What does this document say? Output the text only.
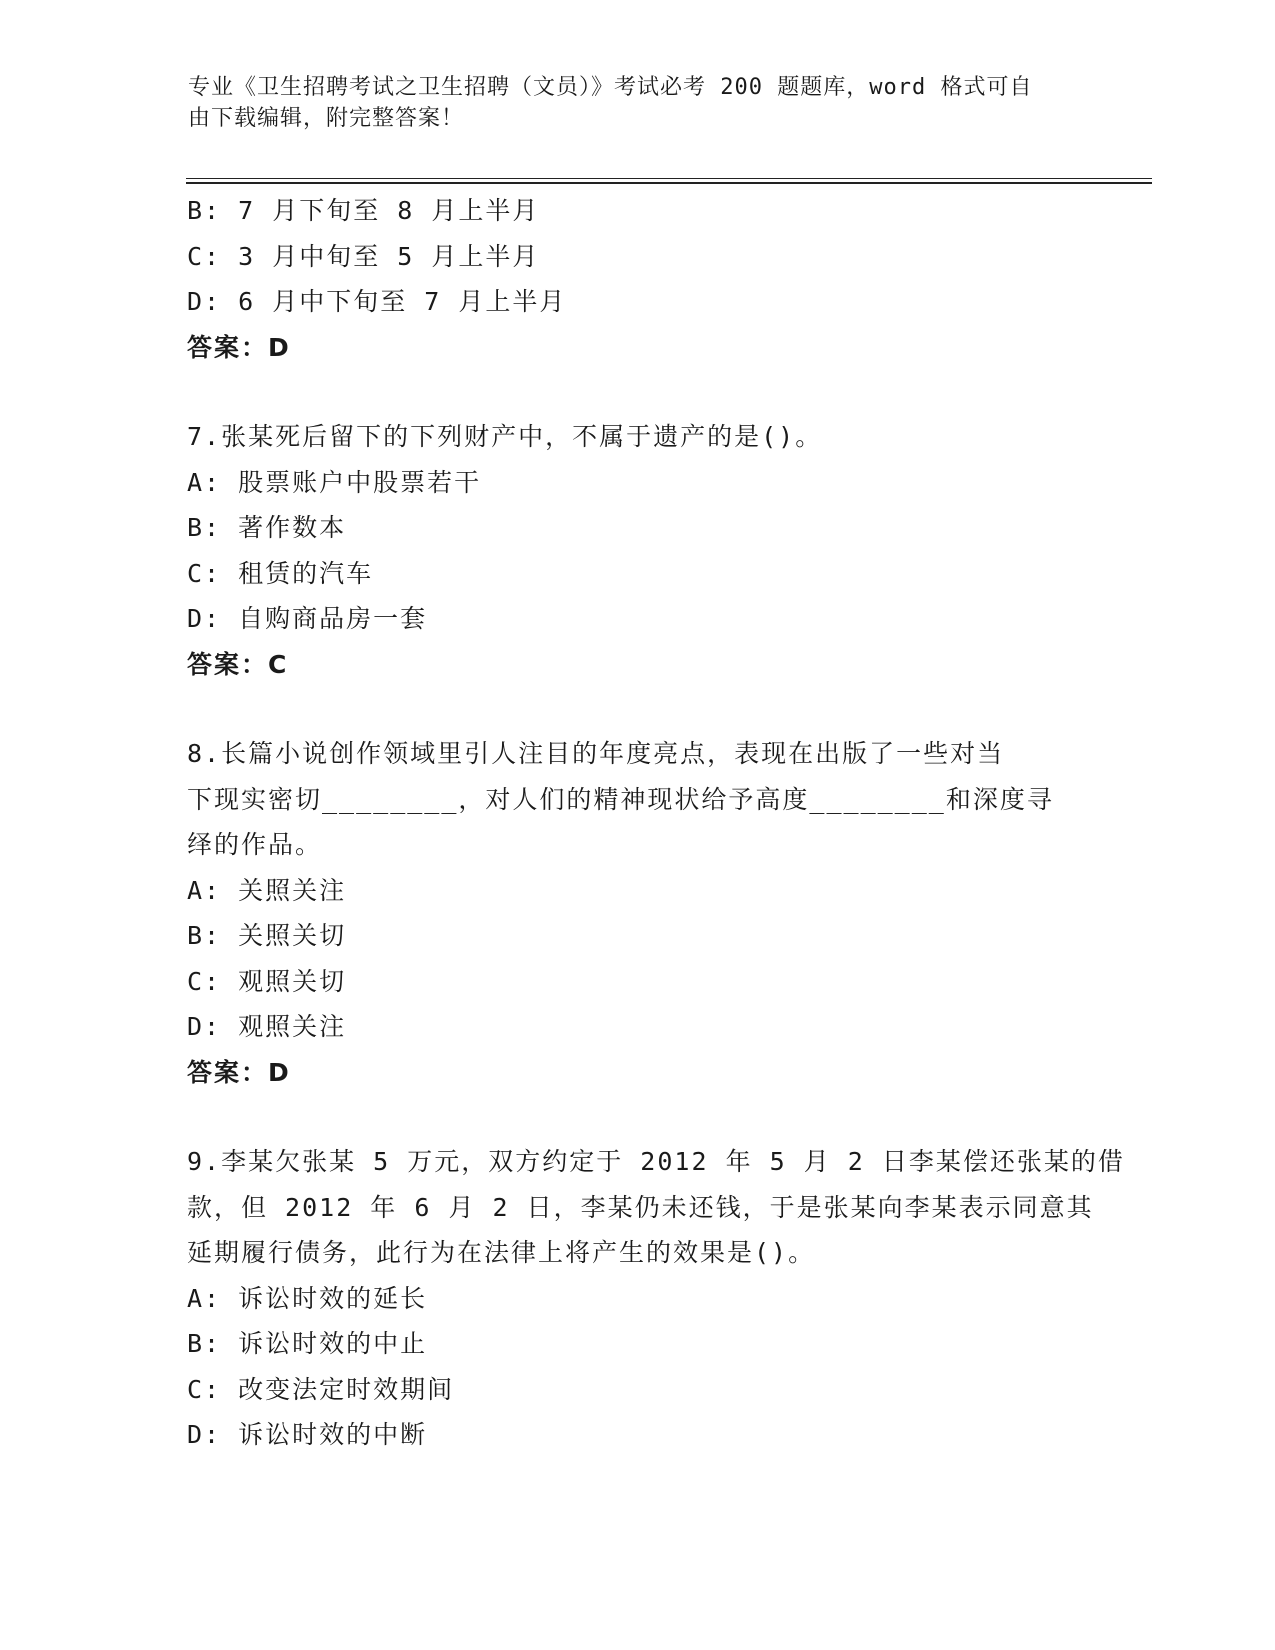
专业《卫生招聘考试之卫生招聘（文员）》考试必考 200 题题库，word 格式可自
由下载编辑，附完整答案！
B: 7 月下旬至 8 月上半月
C: 3 月中旬至 5 月上半月
D: 6 月中下旬至 7 月上半月
答案：D
7.张某死后留下的下列财产中，不属于遗产的是()。
A: 股票账户中股票若干
B: 著作数本
C: 租赁的汽车
D: 自购商品房一套
答案：C
8.长篇小说创作领域里引人注目的年度亮点，表现在出版了一些对当
下现实密切________，对人们的精神现状给予高度________和深度寻
绎的作品。
A: 关照关注
B: 关照关切
C: 观照关切
D: 观照关注
答案：D
9.李某欠张某 5 万元，双方约定于 2012 年 5 月 2 日李某偿还张某的借
款，但 2012 年 6 月 2 日，李某仍未还钱，于是张某向李某表示同意其
延期履行债务，此行为在法律上将产生的效果是()。
A: 诉讼时效的延长
B: 诉讼时效的中止
C: 改变法定时效期间
D: 诉讼时效的中断
